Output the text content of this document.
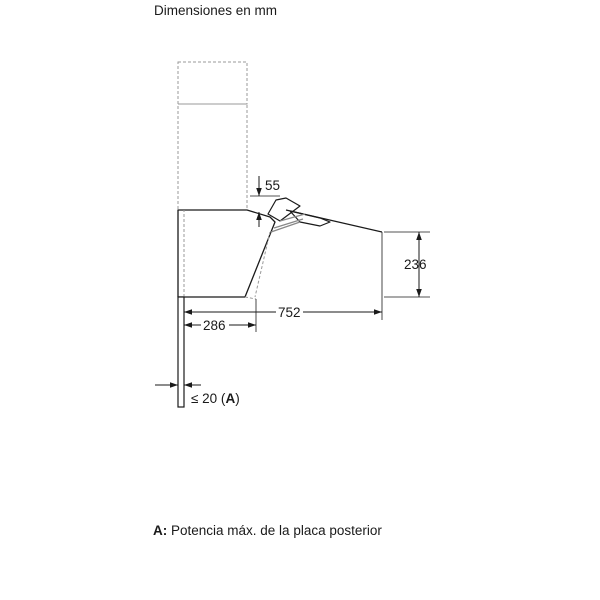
Dimensiones en mm
55
236
752
286
≤ 20 (A)
A: Potencia máx. de la placa posterior
